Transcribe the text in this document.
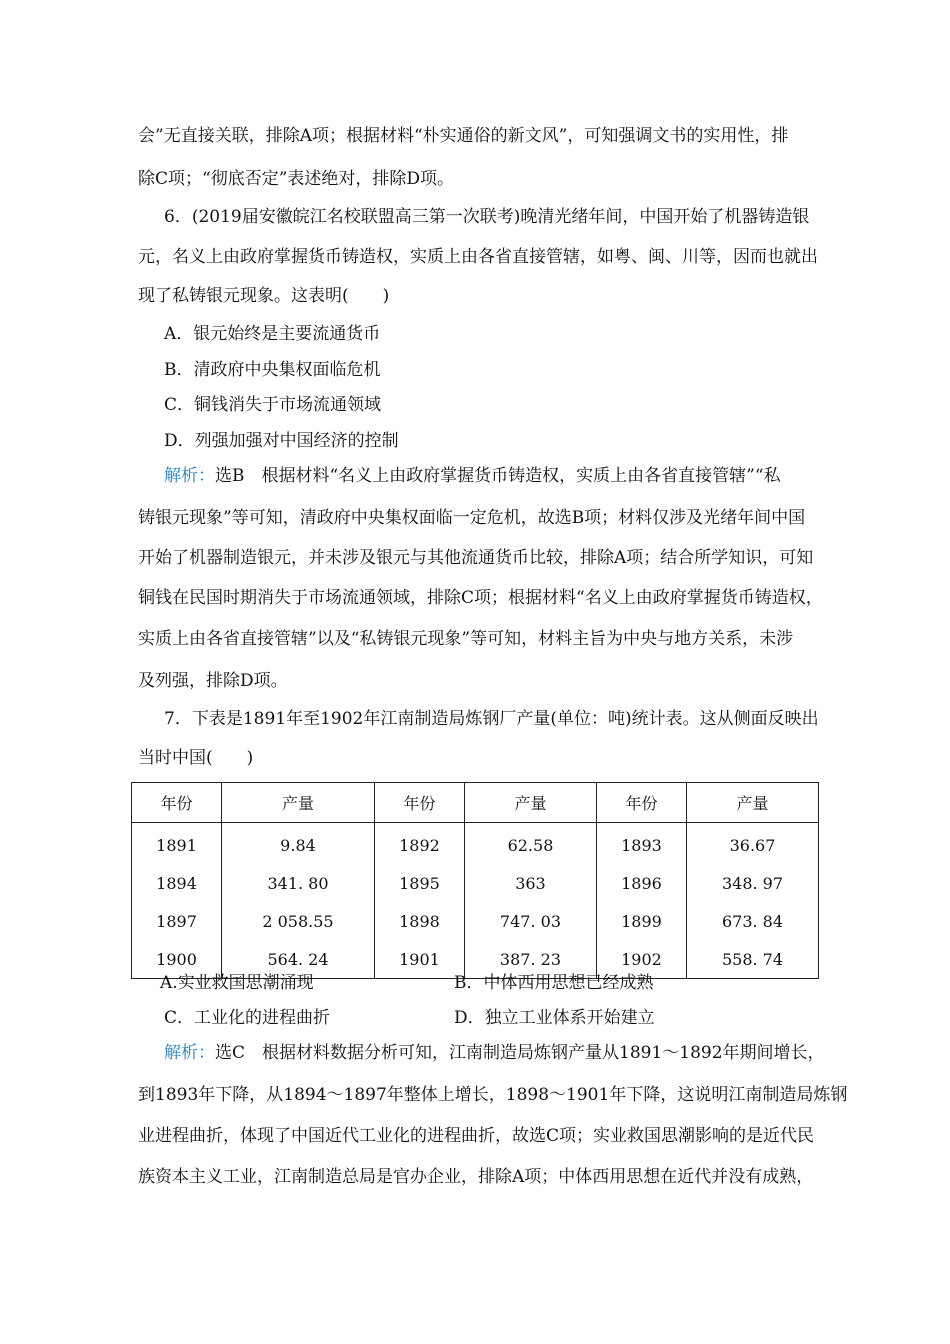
会”无直接关联，排除A项；根据材料“朴实通俗的新文风”，可知强调文书的实用性，排
除C项；“彻底否定”表述绝对，排除D项。
6．(2019届安徽皖江名校联盟高三第一次联考)晚清光绪年间，中国开始了机器铸造银
元，名义上由政府掌握货币铸造权，实质上由各省直接管辖，如粤、闽、川等，因而也就出
现了私铸银元现象。这表明(　　)
A．银元始终是主要流通货币
B．清政府中央集权面临危机
C．铜钱消失于市场流通领域
D．列强加强对中国经济的控制
解析：选B　根据材料“名义上由政府掌握货币铸造权，实质上由各省直接管辖”“私
铸银元现象”等可知，清政府中央集权面临一定危机，故选B项；材料仅涉及光绪年间中国
开始了机器制造银元，并未涉及银元与其他流通货币比较，排除A项；结合所学知识，可知
铜钱在民国时期消失于市场流通领域，排除C项；根据材料“名义上由政府掌握货币铸造权，
实质上由各省直接管辖”以及“私铸银元现象”等可知，材料主旨为中央与地方关系，未涉
及列强，排除D项。
7．下表是1891年至1902年江南制造局炼钢厂产量(单位：吨)统计表。这从侧面反映出
当时中国(　　)
年份	产量	年份	产量	年份	产量
1891	9.84	1892	62.58	1893	36.67
1894	341. 80	1895	363	1896	348. 97
1897	2 058.55	1898	747. 03	1899	673. 84
1900	564. 24	1901	387. 23	1902	558. 74
A.实业救国思潮涌现	B．中体西用思想已经成熟
C．工业化的进程曲折	D．独立工业体系开始建立
解析：选C　根据材料数据分析可知，江南制造局炼钢产量从1891～1892年期间增长，
到1893年下降，从1894～1897年整体上增长，1898～1901年下降，这说明江南制造局炼钢
业进程曲折，体现了中国近代工业化的进程曲折，故选C项；实业救国思潮影响的是近代民
族资本主义工业，江南制造总局是官办企业，排除A项；中体西用思想在近代并没有成熟，
